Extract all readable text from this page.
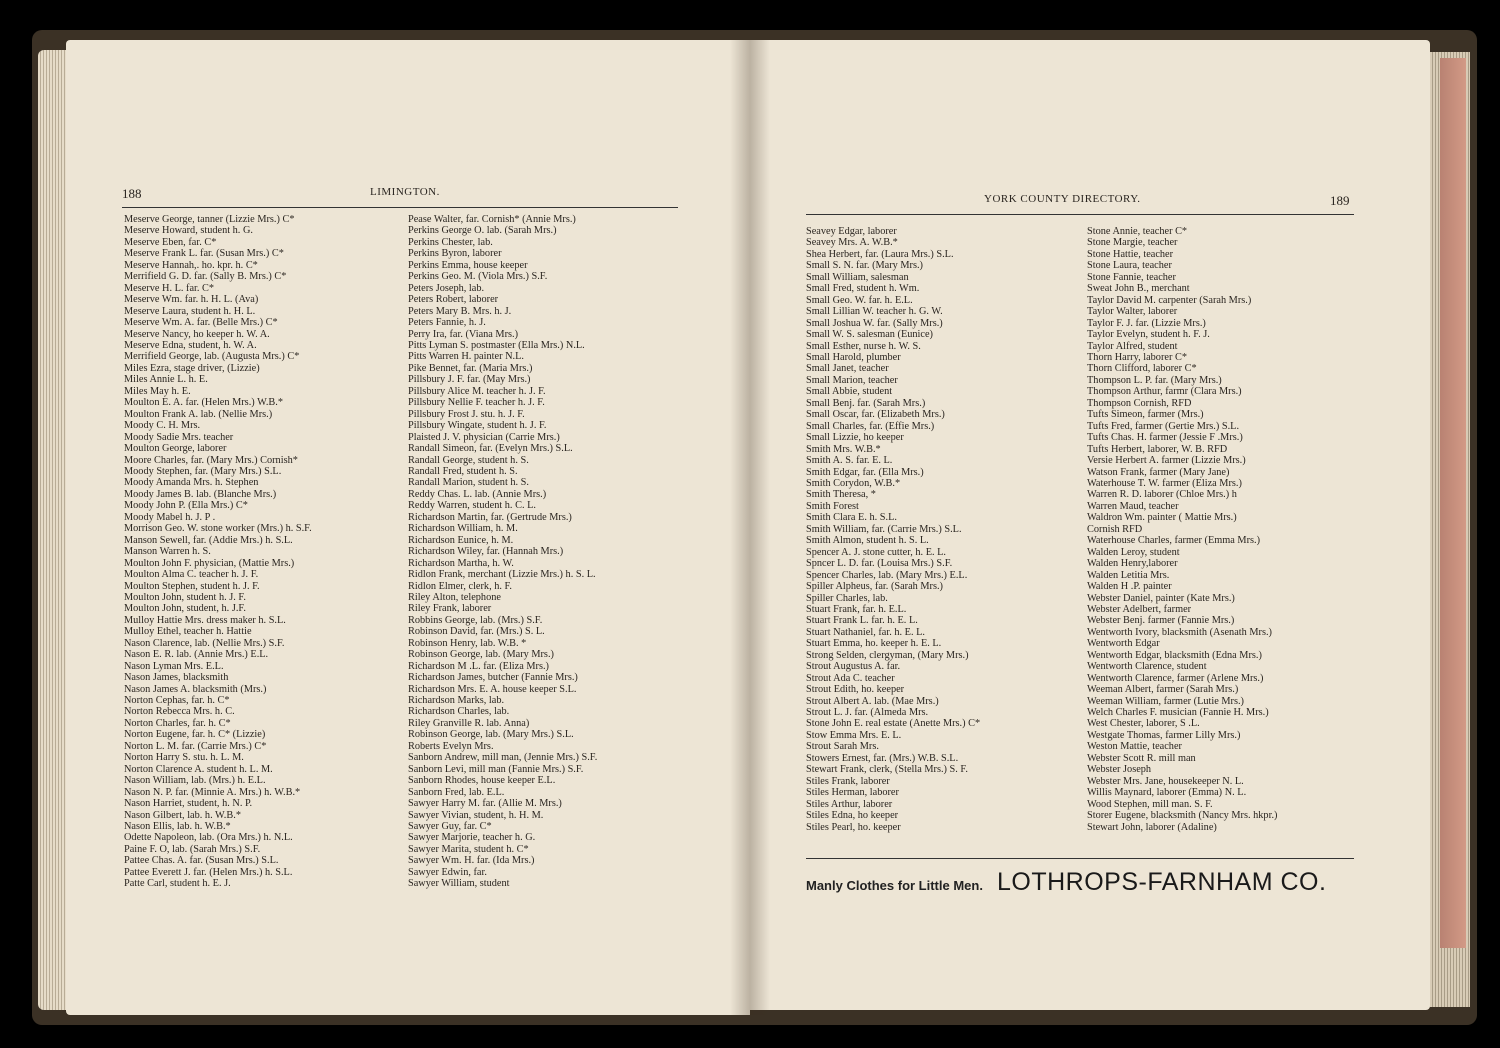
188	LIMINGTON.
Meserve George, tanner (Lizzie Mrs.) C*
Meserve Howard, student h. G.
Meserve Eben, far. C*
Meserve Frank L. far. (Susan Mrs.) C*
Meserve Hannah,. ho. kpr. h. C*
Merrifield G. D. far. (Sally B. Mrs.) C*
Meserve H. L. far. C*
Meserve Wm. far. h. H. L. (Ava)
Meserve Laura, student h. H. L.
Meserve Wm. A. far. (Belle Mrs.) C*
Meserve Nancy, ho keeper h. W. A.
Meserve Edna, student, h. W. A.
Merrifield George, lab. (Augusta Mrs.) C*
Miles Ezra, stage driver, (Lizzie)
Miles Annie L. h. E.
Miles May h. E.
Moulton E. A. far. (Helen Mrs.) W.B.*
Moulton Frank A. lab. (Nellie Mrs.)
Moody C. H. Mrs.
Moody Sadie Mrs. teacher
Moulton George, laborer
Moore Charles, far. (Mary Mrs.) Cornish*
Moody Stephen, far. (Mary Mrs.) S.L.
Moody Amanda Mrs. h. Stephen
Moody James B. lab. (Blanche Mrs.)
Moody John P. (Ella Mrs.) C*
Moody Mabel h. J. P .
Morrison Geo. W. stone worker (Mrs.) h. S.F.
Manson Sewell, far. (Addie Mrs.) h. S.L.
Manson Warren h. S.
Moulton John F. physician, (Mattie Mrs.)
Moulton Alma C. teacher h. J. F.
Moulton Stephen, student h. J. F.
Moulton John, student h. J. F.
Moulton John, student, h. J.F.
Mulloy Hattie Mrs. dress maker h. S.L.
Mulloy Ethel, teacher h. Hattie
Nason Clarence, lab. (Nellie Mrs.) S.F.
Nason E. R. lab. (Annie Mrs.) E.L.
Nason Lyman Mrs. E.L.
Nason James, blacksmith
Nason James A. blacksmith (Mrs.)
Norton Cephas, far. h. C*
Norton Rebecca Mrs. h. C.
Norton Charles, far. h. C*
Norton Eugene, far. h. C* (Lizzie)
Norton L. M. far. (Carrie Mrs.) C*
Norton Harry S. stu. h. L. M.
Norton Clarence A. student h. L. M.
Nason William, lab. (Mrs.) h. E.L.
Nason N. P. far. (Minnie A. Mrs.) h. W.B.*
Nason Harriet, student, h. N. P.
Nason Gilbert, lab. h. W.B.*
Nason Ellis, lab. h. W.B.*
Odette Napoleon, lab. (Ora Mrs.) h. N.L.
Paine F. O, lab. (Sarah Mrs.) S.F.
Pattee Chas. A. far. (Susan Mrs.) S.L.
Pattee Everett J. far. (Helen Mrs.) h. S.L.
Patte Carl, student h. E. J.
Pease Walter, far. Cornish* (Annie Mrs.)
Perkins George O. lab. (Sarah Mrs.)
Perkins Chester, lab.
Perkins Byron, laborer
Perkins Emma, house keeper
Perkins Geo. M. (Viola Mrs.) S.F.
Peters Joseph, lab.
Peters Robert, laborer
Peters Mary B. Mrs. h. J.
Peters Fannie, h. J.
Perry Ira, far. (Viana Mrs.)
Pitts Lyman S. postmaster (Ella Mrs.) N.L.
Pitts Warren H. painter N.L.
Pike Bennet, far. (Maria Mrs.)
Pillsbury J. F. far. (May Mrs.)
Pillsbury Alice M. teacher h. J. F.
Pillsbury Nellie F. teacher h. J. F.
Pillsbury Frost J. stu. h. J. F.
Pillsbury Wingate, student h. J. F.
Plaisted J. V. physician (Carrie Mrs.)
Randall Simeon, far. (Evelyn Mrs.) S.L.
Randall George, student h. S.
Randall Fred, student h. S.
Randall Marion, student h. S.
Reddy Chas. L. lab. (Annie Mrs.)
Reddy Warren, student h. C. L.
Richardson Martin, far. (Gertrude Mrs.)
Richardson William, h. M.
Richardson Eunice, h. M.
Richardson Wiley, far. (Hannah Mrs.)
Richardson Martha, h. W.
Ridlon Frank, merchant (Lizzie Mrs.) h. S. L.
Ridlon Elmer, clerk, h. F.
Riley Alton, telephone
Riley Frank, laborer
Robbins George, lab. (Mrs.) S.F.
Robinson David, far. (Mrs.) S. L.
Robinson Henry, lab. W.B. *
Robinson George, lab. (Mary Mrs.)
Richardson M .L. far. (Eliza Mrs.)
Richardson James, butcher (Fannie Mrs.)
Richardson Mrs. E. A. house keeper S.L.
Richardson Marks, lab.
Richardson Charles, lab.
Riley Granville R. lab. Anna)
Robinson George, lab. (Mary Mrs.) S.L.
Roberts Evelyn Mrs.
Sanborn Andrew, mill man, (Jennie Mrs.) S.F.
Sanborn Levi, mill man (Fannie Mrs.) S.F.
Sanborn Rhodes, house keeper E.L.
Sanborn Fred, lab. E.L.
Sawyer Harry M. far. (Allie M. Mrs.)
Sawyer Vivian, student, h. H. M.
Sawyer Guy, far. C*
Sawyer Marjorie, teacher h. G.
Sawyer Marita, student h. C*
Sawyer Wm. H. far. (Ida Mrs.)
Sawyer Edwin, far.
Sawyer William, student
YORK COUNTY DIRECTORY.	189
Seavey Edgar, laborer
Seavey Mrs. A. W.B.*
Shea Herbert, far. (Laura Mrs.) S.L.
Small S. N. far. (Mary Mrs.)
Small William, salesman
Small Fred, student h. Wm.
Small Geo. W. far. h. E.L.
Small Lillian W. teacher h. G. W.
Small Joshua W. far. (Sally Mrs.)
Small W. S. salesman (Eunice)
Small Esther, nurse h. W. S.
Small Harold, plumber
Small Janet, teacher
Small Marion, teacher
Small Abbie, student
Small Benj. far. (Sarah Mrs.)
Small Oscar, far. (Elizabeth Mrs.)
Small Charles, far. (Effie Mrs.)
Small Lizzie, ho keeper
Smith Mrs. W.B.*
Smith A. S. far. E. L.
Smith Edgar, far. (Ella Mrs.)
Smith Corydon, W.B.*
Smith Theresa, *
Smith Forest
Smith Clara E. h. S.L.
Smith William, far. (Carrie Mrs.) S.L.
Smith Almon, student h. S. L.
Spencer A. J. stone cutter, h. E. L.
Spncer L. D. far. (Louisa Mrs.) S.F.
Spencer Charles, lab. (Mary Mrs.) E.L.
Spiller Alpheus, far. (Sarah Mrs.)
Spiller Charles, lab.
Stuart Frank, far. h. E.L.
Stuart Frank L. far. h. E. L.
Stuart Nathaniel, far. h. E. L.
Stuart Emma, ho. keeper h. E. L.
Strong Selden, clergyman, (Mary Mrs.)
Strout Augustus A. far.
Strout Ada C. teacher
Strout Edith, ho. keeper
Strout Albert A. lab. (Mae Mrs.)
Strout L. J. far. (Almeda Mrs.
Stone John E. real estate (Anette Mrs.) C*
Stow Emma Mrs. E. L.
Strout Sarah Mrs.
Stowers Ernest, far. (Mrs.) W.B. S.L.
Stewart Frank, clerk, (Stella Mrs.) S. F.
Stiles Frank, laborer
Stiles Herman, laborer
Stiles Arthur, laborer
Stiles Edna, ho keeper
Stiles Pearl, ho. keeper
Stone Annie, teacher C*
Stone Margie, teacher
Stone Hattie, teacher
Stone Laura, teacher
Stone Fannie, teacher
Sweat John B., merchant
Taylor David M. carpenter (Sarah Mrs.)
Taylor Walter, laborer
Taylor F. J. far. (Lizzie Mrs.)
Taylor Evelyn, student h. F. J.
Taylor Alfred, student
Thorn Harry, laborer C*
Thorn Clifford, laborer C*
Thompson L. P. far. (Mary Mrs.)
Thompson Arthur, farmr (Clara Mrs.)
Thompson Cornish, RFD
Tufts Simeon, farmer (Mrs.)
Tufts Fred, farmer (Gertie Mrs.) S.L.
Tufts Chas. H. farmer (Jessie F .Mrs.)
Tufts Herbert, laborer, W. B. RFD
Versie Herbert A. farmer (Lizzie Mrs.)
Watson Frank, farmer (Mary Jane)
Waterhouse T. W. farmer (Eliza Mrs.)
Warren R. D. laborer (Chloe Mrs.) h
Warren Maud, teacher
Waldron Wm. painter ( Mattie Mrs.)
Cornish RFD
Waterhouse Charles, farmer (Emma Mrs.)
Walden Leroy, student
Walden Henry,laborer
Walden Letitia Mrs.
Walden H .P. painter
Webster Daniel, painter (Kate Mrs.)
Webster Adelbert, farmer
Webster Benj. farmer (Fannie Mrs.)
Wentworth Ivory, blacksmith (Asenath Mrs.)
Wentworth Edgar
Wentworth Edgar, blacksmith (Edna Mrs.)
Wentworth Clarence, student
Wentworth Clarence, farmer (Arlene Mrs.)
Weeman Albert, farmer (Sarah Mrs.)
Weeman William, farmer (Lutie Mrs.)
Welch Charles F. musician (Fannie H. Mrs.)
West Chester, laborer, S .L.
Westgate Thomas, farmer Lilly Mrs.)
Weston Mattie, teacher
Webster Scott R. mill man
Webster Joseph
Webster Mrs. Jane, housekeeper N. L.
Willis Maynard, laborer (Emma) N. L.
Wood Stephen, mill man. S. F.
Storer Eugene, blacksmith (Nancy Mrs. hkpr.)
Stewart John, laborer (Adaline)
Manly Clothes for Little Men. LOTHROPS-FARNHAM CO.
